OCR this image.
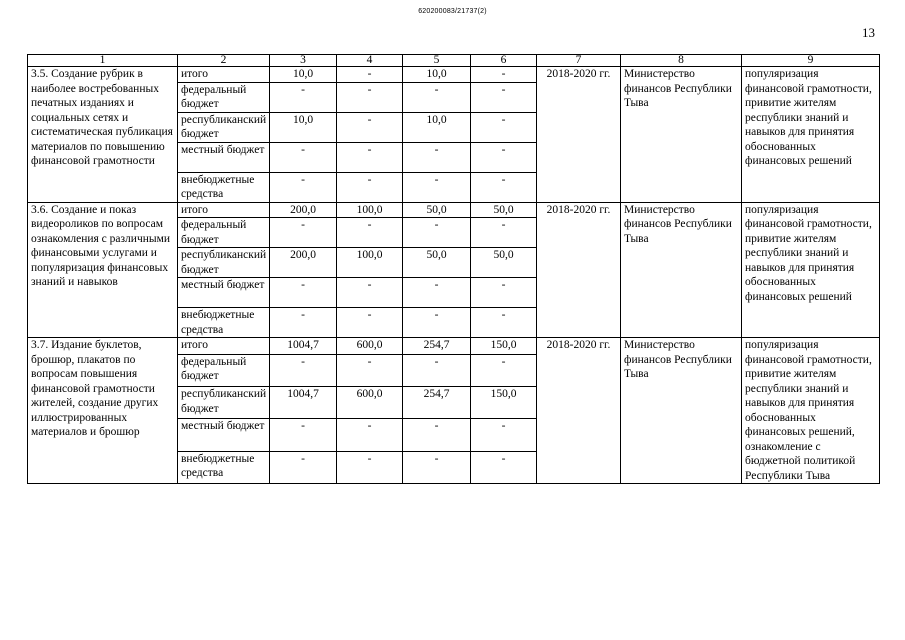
620200083/21737(2)
13
1	2	3	4	5	6	7	8	9
3.5. Создание рубрик в наиболее востребованных печатных изданиях и социальных сетях и систематическая публикация материалов по повышению финансовой грамотности	итого	10,0	-	10,0	-	2018-2020 гг.	Министерство финансов Республики Тыва	популяризация финансовой грамотности, привитие жителям республики знаний и навыков для принятия обоснованных финансовых решений
	федеральный бюджет	-	-	-	-			
	республиканский бюджет	10,0	-	10,0	-			
	местный бюджет	-	-	-	-			
	внебюджетные средства	-	-	-	-			
3.6. Создание и показ видеороликов по вопросам ознакомления с различными финансовыми услугами и популяризация финансовых знаний и навыков	итого	200,0	100,0	50,0	50,0	2018-2020 гг.	Министерство финансов Республики Тыва	популяризация финансовой грамотности, привитие жителям республики знаний и навыков для принятия обоснованных финансовых решений
	федеральный бюджет	-	-	-	-			
	республиканский бюджет	200,0	100,0	50,0	50,0			
	местный бюджет	-	-	-	-			
	внебюджетные средства	-	-	-	-			
3.7. Издание буклетов, брошюр, плакатов по вопросам повышения финансовой грамотности жителей, создание других иллюстрированных материалов и брошюр	итого	1004,7	600,0	254,7	150,0	2018-2020 гг.	Министерство финансов Республики Тыва	популяризация финансовой грамотности, привитие жителям республики знаний и навыков для принятия обоснованных финансовых решений, ознакомление с бюджетной политикой Республики Тыва
	федеральный бюджет	-	-	-	-			
	республиканский бюджет	1004,7	600,0	254,7	150,0			
	местный бюджет	-	-	-	-			
	внебюджетные средства	-	-	-	-			
